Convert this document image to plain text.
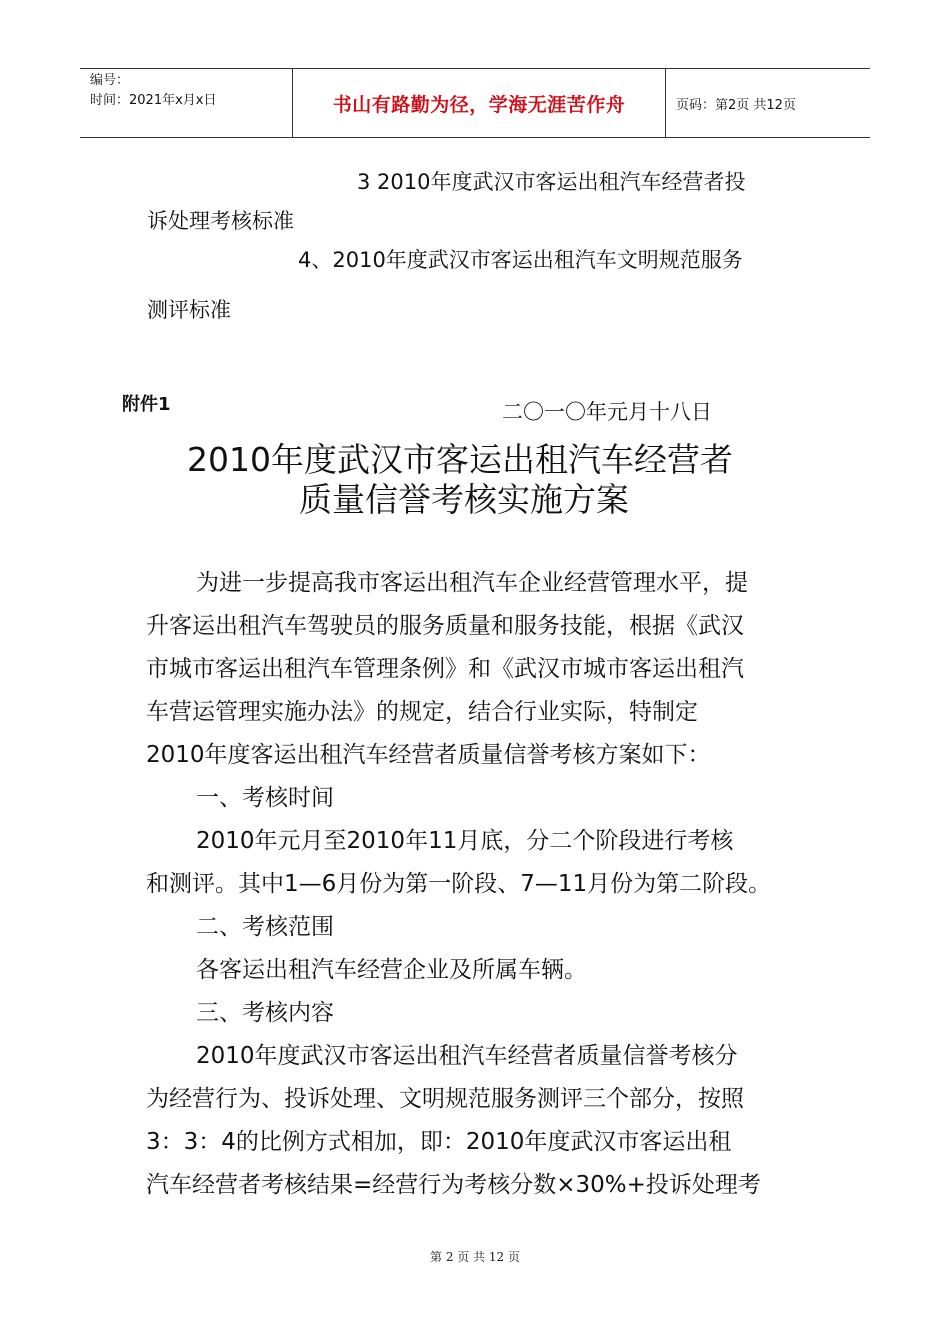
编号：
时间：2021年x月x日	书山有路勤为径，学海无涯苦作舟	页码：第2页 共12页
3 2010年度武汉市客运出租汽车经营者投
诉处理考核标准
4、2010年度武汉市客运出租汽车文明规范服务
测评标准
附件1	二〇一〇年元月十八日
2010年度武汉市客运出租汽车经营者
质量信誉考核实施方案
为进一步提高我市客运出租汽车企业经营管理水平，提
升客运出租汽车驾驶员的服务质量和服务技能，根据《武汉
市城市客运出租汽车管理条例》和《武汉市城市客运出租汽
车营运管理实施办法》的规定，结合行业实际，特制定
2010年度客运出租汽车经营者质量信誉考核方案如下：
一、考核时间
2010年元月至2010年11月底，分二个阶段进行考核
和测评。其中1—6月份为第一阶段、7—11月份为第二阶段。
二、考核范围
各客运出租汽车经营企业及所属车辆。
三、考核内容
2010年度武汉市客运出租汽车经营者质量信誉考核分
为经营行为、投诉处理、文明规范服务测评三个部分，按照
3：3：4的比例方式相加，即：2010年度武汉市客运出租
汽车经营者考核结果=经营行为考核分数×30%+投诉处理考
第 2 页 共 12 页
